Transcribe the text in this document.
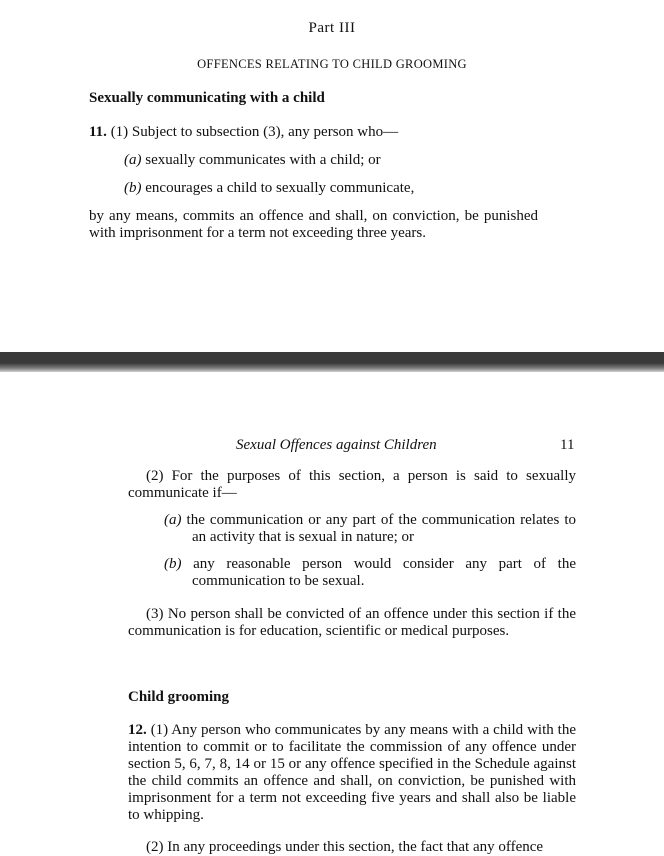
Part III

OFFENCES RELATING TO CHILD GROOMING

Sexually communicating with a child

11. (1) Subject to subsection (3), any person who—

(a) sexually communicates with a child; or

(b) encourages a child to sexually communicate,

by any means, commits an offence and shall, on conviction, be punished with imprisonment for a term not exceeding three years.

Sexual Offences against Children	11

(2) For the purposes of this section, a person is said to sexually communicate if—

(a) the communication or any part of the communication relates to an activity that is sexual in nature; or

(b) any reasonable person would consider any part of the communication to be sexual.

(3) No person shall be convicted of an offence under this section if the communication is for education, scientific or medical purposes.

Child grooming

12. (1) Any person who communicates by any means with a child with the intention to commit or to facilitate the commission of any offence under section 5, 6, 7, 8, 14 or 15 or any offence specified in the Schedule against the child commits an offence and shall, on conviction, be punished with imprisonment for a term not exceeding five years and shall also be liable to whipping.

(2) In any proceedings under this section, the fact that any offence
